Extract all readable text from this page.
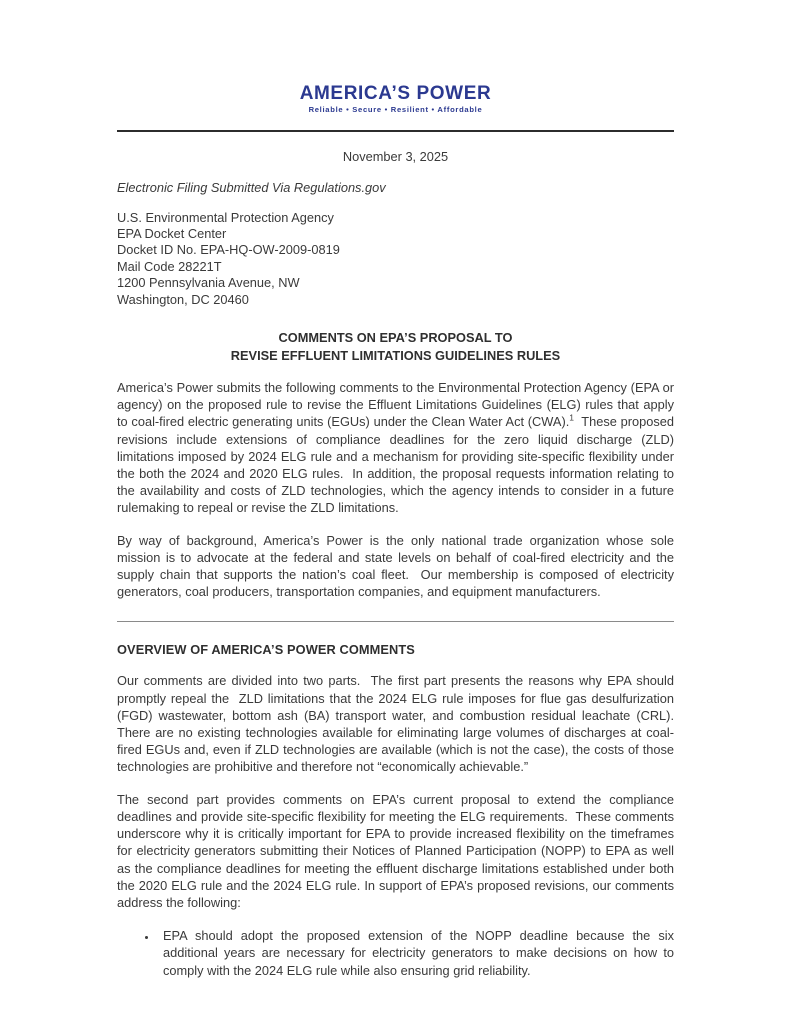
AMERICA’S POWER
Reliable • Secure • Resilient • Affordable
November 3, 2025
Electronic Filing Submitted Via Regulations.gov
U.S. Environmental Protection Agency
EPA Docket Center
Docket ID No. EPA-HQ-OW-2009-0819
Mail Code 28221T
1200 Pennsylvania Avenue, NW
Washington, DC 20460
COMMENTS ON EPA’S PROPOSAL TO
REVISE EFFLUENT LIMITATIONS GUIDELINES RULES

America’s Power submits the following comments to the Environmental Protection Agency (EPA or agency) on the proposed rule to revise the Effluent Limitations Guidelines (ELG) rules that apply to coal-fired electric generating units (EGUs) under the Clean Water Act (CWA).$^1$  These proposed revisions include extensions of compliance deadlines for the zero liquid discharge (ZLD) limitations imposed by 2024 ELG rule and a mechanism for providing site-specific flexibility under the both the 2024 and 2020 ELG rules.  In addition, the proposal requests information relating to the availability and costs of ZLD technologies, which the agency intends to consider in a future rulemaking to repeal or revise the ZLD limitations.

By way of background, America’s Power is the only national trade organization whose sole mission is to advocate at the federal and state levels on behalf of coal-fired electricity and the supply chain that supports the nation’s coal fleet.  Our membership is composed of electricity generators, coal producers, transportation companies, and equipment manufacturers.

OVERVIEW OF AMERICA’S POWER COMMENTS

Our comments are divided into two parts.  The first part presents the reasons why EPA should promptly repeal the  ZLD limitations that the 2024 ELG rule imposes for flue gas desulfurization (FGD) wastewater, bottom ash (BA) transport water, and combustion residual leachate (CRL).  There are no existing technologies available for eliminating large volumes of discharges at coal-fired EGUs and, even if ZLD technologies are available (which is not the case), the costs of those technologies are prohibitive and therefore not “economically achievable.”

The second part provides comments on EPA’s current proposal to extend the compliance deadlines and provide site-specific flexibility for meeting the ELG requirements.  These comments underscore why it is critically important for EPA to provide increased flexibility on the timeframes for electricity generators submitting their Notices of Planned Participation (NOPP) to EPA as well as the compliance deadlines for meeting the effluent discharge limitations established under both the 2020 ELG rule and the 2024 ELG rule. In support of EPA’s proposed revisions, our comments address the following:

• EPA should adopt the proposed extension of the NOPP deadline because the six additional years are necessary for electricity generators to make decisions on how to comply with the 2024 ELG rule while also ensuring grid reliability.
